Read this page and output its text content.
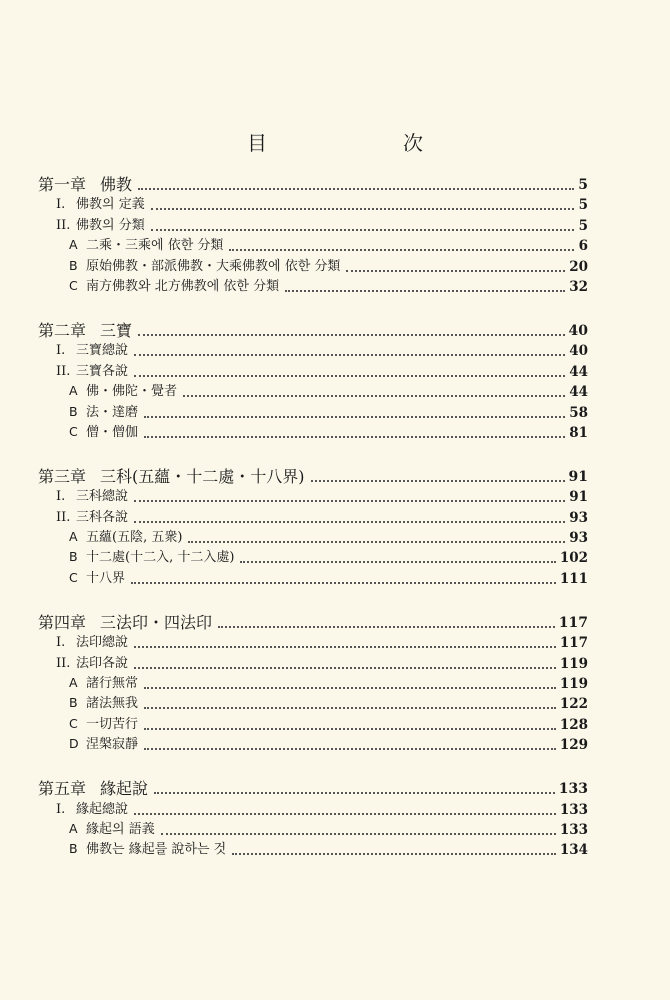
目　次
第一章 佛教	5
I. 佛教의 定義	5
II. 佛教의 分類	5
A 二乘・三乘에 依한 分類	6
B 原始佛教・部派佛教・大乘佛教에 依한 分類	20
C 南方佛教와 北方佛教에 依한 分類	32
第二章 三寶	40
I. 三寶總說	40
II. 三寶各說	44
A 佛・佛陀・覺者	44
B 法・達磨	58
C 僧・僧伽	81
第三章 三科(五蘊・十二處・十八界)	91
I. 三科總說	91
II. 三科各說	93
A 五蘊(五陰, 五衆)	93
B 十二處(十二入, 十二入處)	102
C 十八界	111
第四章 三法印・四法印	117
I. 法印總說	117
II. 法印各說	119
A 諸行無常	119
B 諸法無我	122
C 一切苦行	128
D 涅槃寂靜	129
第五章 緣起說	133
I. 緣起總說	133
A 緣起의 語義	133
B 佛教는 緣起를 說하는 것	134
